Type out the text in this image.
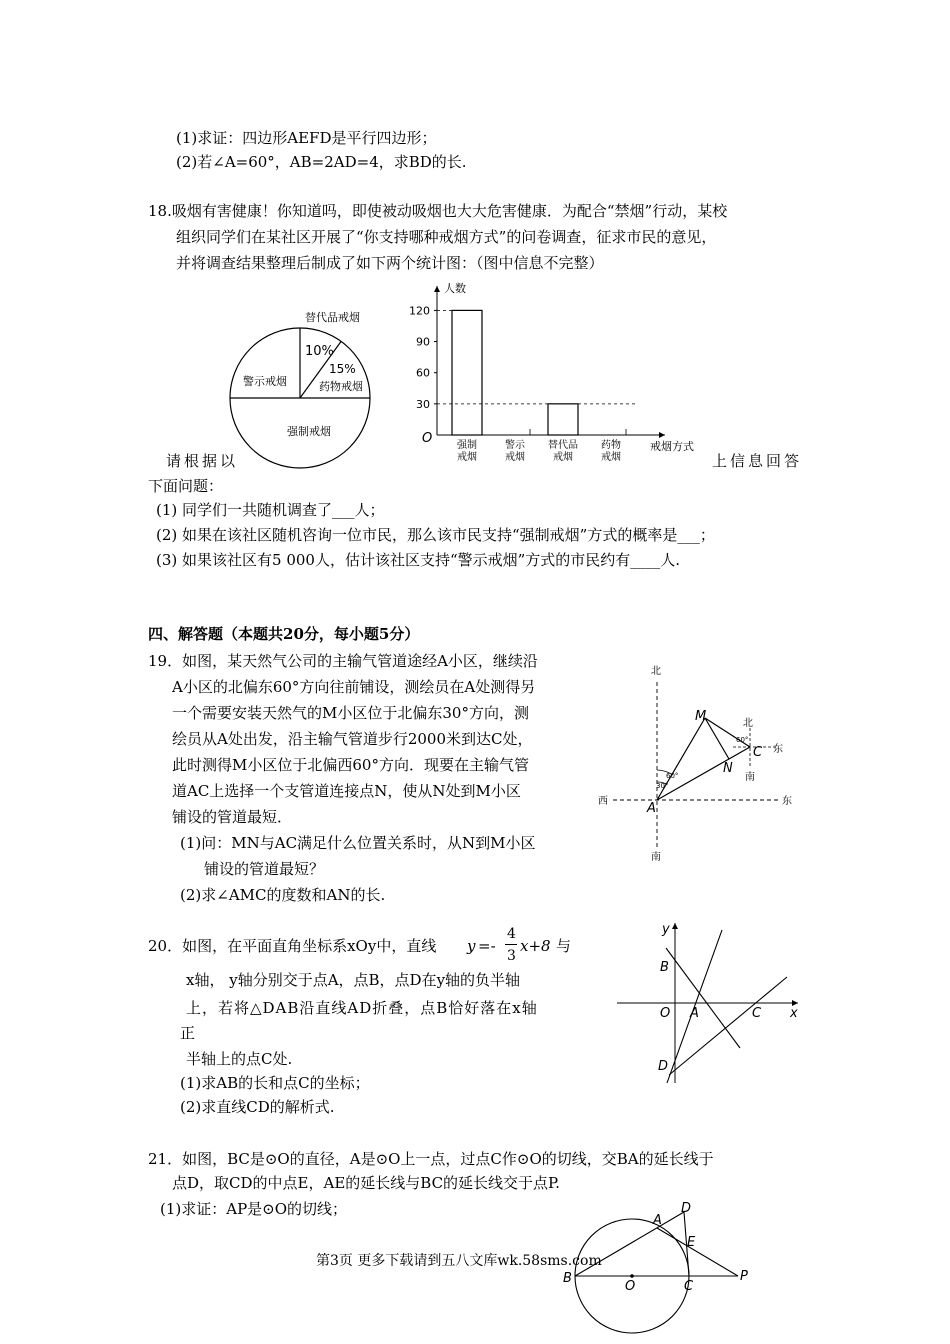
(1)求证：四边形AEFD是平行四边形；
(2)若∠A=60°，AB=2AD=4，求BD的长.
18.吸烟有害健康！你知道吗，即使被动吸烟也大大危害健康．为配合“禁烟”行动，某校
组织同学们在某社区开展了“你支持哪种戒烟方式”的问卷调查，征求市民的意见，
并将调查结果整理后制成了如下两个统计图：（图中信息不完整）
替代品戒烟
10%
15%
药物戒烟
强制戒烟
警示戒烟
人数
O
戒烟方式
30
60
90
120
强制
戒烟
警示
戒烟
替代品
戒烟
药物
戒烟
请根据以	上信息回答
下面问题：
(1) 同学们一共随机调查了___人；
(2) 如果在该社区随机咨询一位市民，那么该市民支持“强制戒烟”方式的概率是___；
(3) 如果该社区有5 000人，估计该社区支持“警示戒烟”方式的市民约有____人.
四、解答题（本题共20分，每小题5分）
19．如图，某天然气公司的主输气管道途经A小区，继续沿
A小区的北偏东60°方向往前铺设，测绘员在A处测得另
一个需要安装天然气的M小区位于北偏东30°方向，测
绘员从A处出发，沿主输气管道步行2000米到达C处，
此时测得M小区位于北偏西60°方向．现要在主输气管
道AC上选择一个支管道连接点N，使从N处到M小区
铺设的管道最短．
(1)问：MN与AC满足什么位置关系时，从N到M小区
铺设的管道最短？
(2)求∠AMC的度数和AN的长.
北
南
西	东
北
南
东
A
M
C
N
60°
30°
60°
20．如图，在平面直角坐标系xOy中，直线 y =-
4
3
x+8 与
x轴， y轴分别交于点A，点B，点D在y轴的负半轴
上，若将△DAB沿直线AD折叠，点B恰好落在x轴
正
半轴上的点C处.
(1)求AB的长和点C的坐标；
(2)求直线CD的解析式.
y
x
O A
B
C
D
21．如图，BC是⊙O的直径，A是⊙O上一点，过点C作⊙O的切线，交BA的延长线于
点D，取CD的中点E，AE的延长线与BC的延长线交于点P.
(1)求证：AP是⊙O的切线；
A
B
C
D
E
O
P
第3页 更多下载请到五八文库wk.58sms.com
